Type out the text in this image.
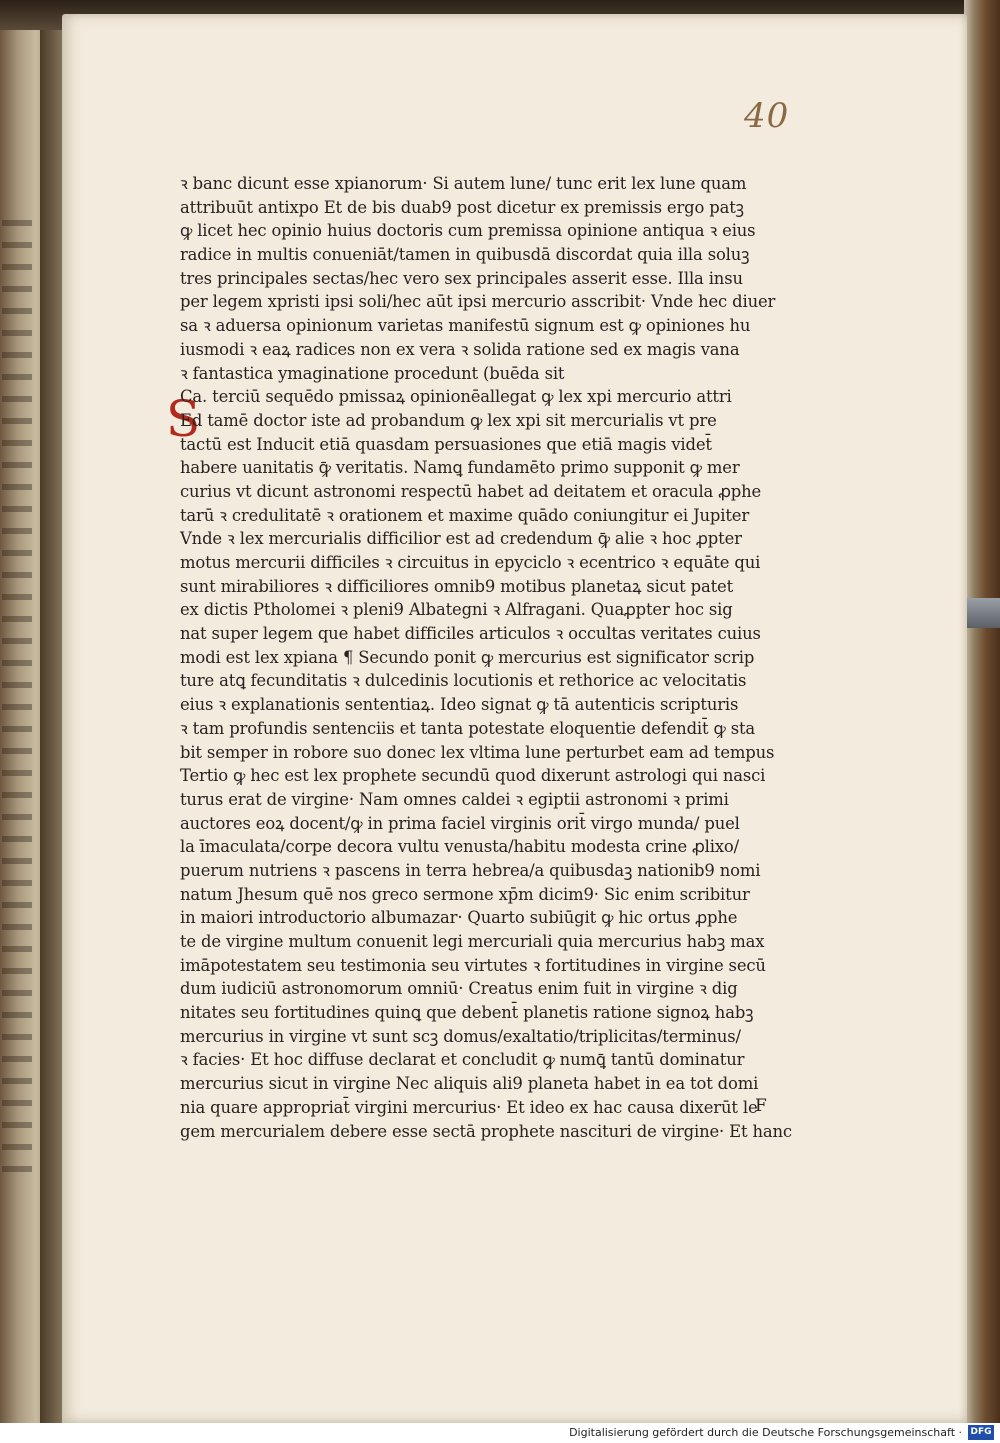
40
S
ꝛ banc dicunt esse xpianorum· Si autem lune/ tunc erit lex lune quam
attribuūt antixpo Et de bis duab9 post dicetur ex premissis ergo patꝫ
ꝙ licet hec opinio huius doctoris cum premissa opinione antiqua ꝛ eius
radice in multis conueniāt/tamen in quibusdā discordat quia illa soluꝫ
tres principales sectas/hec vero sex principales asserit esse. Illa insu
per legem xpristi ipsi soli/hec aūt ipsi mercurio asscribit· Vnde hec diuer
sa ꝛ aduersa opinionum varietas manifestū signum est ꝙ opiniones hu
iusmodi ꝛ eaꝝ radices non ex vera ꝛ solida ratione sed ex magis vana
ꝛ fantastica ymaginatione procedunt (buēda sit
Ca. terciū sequēdo pmissaꝝ opinionēallegat ꝙ lex xpi mercurio attri
Ed tamē doctor iste ad probandum ꝙ lex xpi sit mercurialis vt pre
tactū est Inducit etiā quasdam persuasiones que etiā magis videt̄
habere uanitatis ꝙ̄ veritatis. Namꝗ fundamēto primo supponit ꝙ mer
curius vt dicunt astronomi respectū habet ad deitatem et oracula ꝓphe
tarū ꝛ credulitatē ꝛ orationem et maxime quādo coniungitur ei Jupiter
Vnde ꝛ lex mercurialis difficilior est ad credendum ꝙ̄ alie ꝛ hoc ꝓpter
motus mercurii difficiles ꝛ circuitus in epyciclo ꝛ ecentrico ꝛ equāte qui
sunt mirabiliores ꝛ difficiliores omnib9 motibus planetaꝝ sicut patet
ex dictis Ptholomei ꝛ pleni9 Albategni ꝛ Alfragani. Quaꝓpter hoc sig
nat super legem que habet difficiles articulos ꝛ occultas veritates cuius
modi est lex xpiana ¶ Secundo ponit ꝙ mercurius est significator scrip
ture atꝗ fecunditatis ꝛ dulcedinis locutionis et rethorice ac velocitatis
eius ꝛ explanationis sententiaꝝ. Ideo signat ꝙ tā autenticis scripturis
ꝛ tam profundis sentenciis et tanta potestate eloquentie defendit̄ ꝙ sta
bit semper in robore suo donec lex vltima lune perturbet eam ad tempus
Tertio ꝙ hec est lex prophete secundū quod dixerunt astrologi qui nasci
turus erat de virgine· Nam omnes caldei ꝛ egiptii astronomi ꝛ primi
auctores eoꝝ docent/ꝙ in prima faciel virginis orit̄ virgo munda/ puel
la īmaculata/corpe decora vultu venusta/habitu modesta crine ꝓlixo/
puerum nutriens ꝛ pascens in terra hebrea/a quibusdaꝫ nationib9 nomi
natum Jhesum quē nos greco sermone xp̄m dicim9· Sic enim scribitur
in maiori introductorio albumazar· Quarto subiūgit ꝙ hic ortus ꝓphe
te de virgine multum conuenit legi mercuriali quia mercurius habꝫ max
imāpotestatem seu testimonia seu virtutes ꝛ fortitudines in virgine secū
dum iudiciū astronomorum omniū· Creatus enim fuit in virgine ꝛ dig
nitates seu fortitudines quinꝗ que debent̄ planetis ratione signoꝝ habꝫ
mercurius in virgine vt sunt scꝫ domus/exaltatio/triplicitas/terminus/
ꝛ facies· Et hoc diffuse declarat et concludit ꝙ numꝗ̄ tantū dominatur
mercurius sicut in virgine Nec aliquis ali9 planeta habet in ea tot domi
nia quare appropriat̄ virgini mercurius· Et ideo ex hac causa dixerūt le
gem mercurialem debere esse sectā prophete nascituri de virgine· Et hanc
F
Digitalisierung gefördert durch die Deutsche Forschungsgemeinschaft · DFG
